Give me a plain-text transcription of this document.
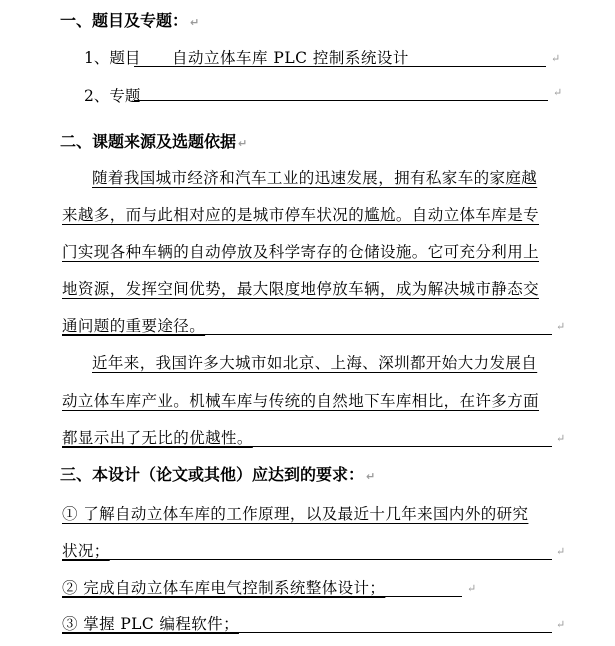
一、题目及专题： ↵
1、题目 自动立体车库 PLC 控制系统设计	↵
2、专题	↵
二、课题来源及选题依据 ↵
随着我国城市经济和汽车工业的迅速发展，拥有私家车的家庭越
来越多，而与此相对应的是城市停车状况的尴尬。自动立体车库是专
门实现各种车辆的自动停放及科学寄存的仓储设施。它可充分利用上
地资源，发挥空间优势，最大限度地停放车辆，成为解决城市静态交
通问题的重要途径。	↵
近年来，我国许多大城市如北京、上海、深圳都开始大力发展自
动立体车库产业。机械车库与传统的自然地下车库相比，在许多方面
都显示出了无比的优越性。	↵
三、本设计（论文或其他）应达到的要求： ↵
① 了解自动立体车库的工作原理，以及最近十几年来国内外的研究
状况；	↵
② 完成自动立体车库电气控制系统整体设计；	↵
③ 掌握 PLC 编程软件；	↵
